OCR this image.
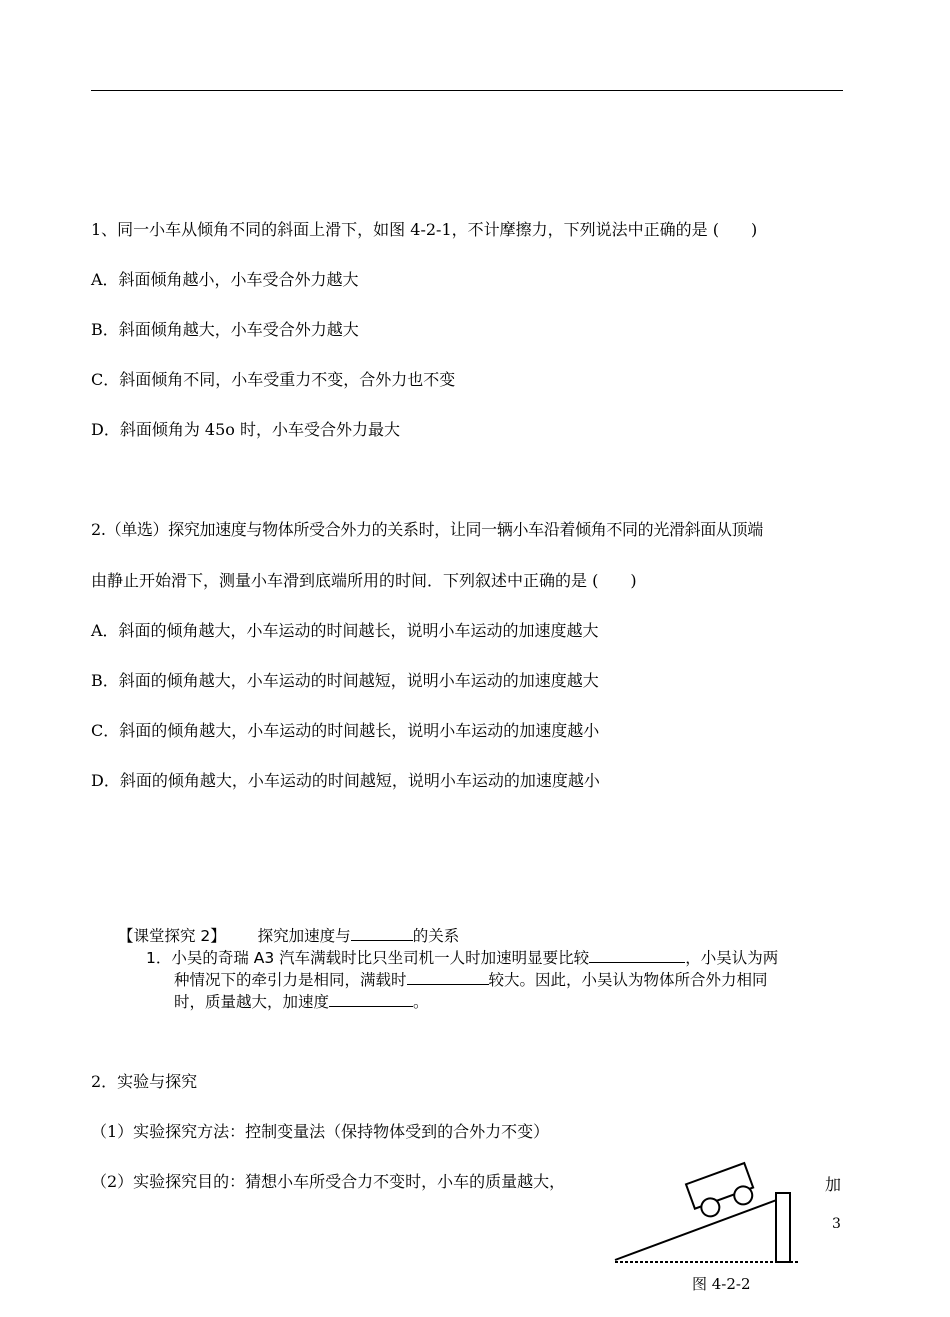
1、同一小车从倾角不同的斜面上滑下，如图 4-2-1，不计摩擦力，下列说法中正确的是 (　　)
A．斜面倾角越小，小车受合外力越大
B．斜面倾角越大，小车受合外力越大
C．斜面倾角不同，小车受重力不变，合外力也不变
D．斜面倾角为 45o 时，小车受合外力最大
2.（单选）探究加速度与物体所受合外力的关系时，让同一辆小车沿着倾角不同的光滑斜面从顶端
由静止开始滑下，测量小车滑到底端所用的时间．下列叙述中正确的是 (　　)
A．斜面的倾角越大，小车运动的时间越长，说明小车运动的加速度越大
B．斜面的倾角越大，小车运动的时间越短，说明小车运动的加速度越大
C．斜面的倾角越大，小车运动的时间越长，说明小车运动的加速度越小
D．斜面的倾角越大，小车运动的时间越短，说明小车运动的加速度越小
【课堂探究 2】 探究加速度与	的关系
1．小吴的奇瑞 A3 汽车满载时比只坐司机一人时加速明显要比较	，小吴认为两
种情况下的牵引力是相同，满载时	较大。因此，小吴认为物体所合外力相同
时，质量越大，加速度	。
2．实验与探究
（1）实验探究方法：控制变量法（保持物体受到的合外力不变）
（2）实验探究目的：猜想小车所受合力不变时，小车的质量越大，	加
3
图 4-2-2
